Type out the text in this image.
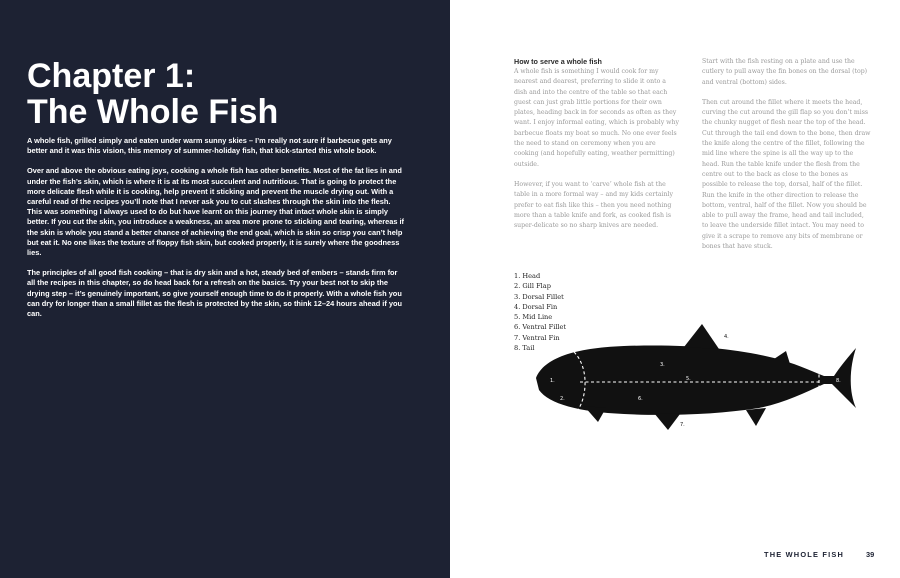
Chapter 1:
The Whole Fish

A whole fish, grilled simply and eaten under warm sunny skies – I’m really not sure if barbecue gets any better and it was this vision, this memory of summer-holiday fish, that kick-started this whole book.

Over and above the obvious eating joys, cooking a whole fish has other benefits. Most of the fat lies in and under the fish’s skin, which is where it is at its most succulent and nutritious. That is going to protect the more delicate flesh while it is cooking, help prevent it sticking and prevent the muscle drying out. With a careful read of the recipes you’ll note that I never ask you to cut slashes through the skin into the flesh. This was something I always used to do but have learnt on this journey that intact whole skin is simply better. If you cut the skin, you introduce a weakness, an area more prone to sticking and tearing, whereas if the skin is whole you stand a better chance of achieving the end goal, which is skin so crisp you can’t help but eat it. No one likes the texture of floppy fish skin, but cooked properly, it is surely where the goodness lies.

The principles of all good fish cooking – that is dry skin and a hot, steady bed of embers – stands firm for all the recipes in this chapter, so do head back for a refresh on the basics. Try your best not to skip the drying step – it’s genuinely important, so give yourself enough time to do it properly. With a whole fish you can dry for longer than a small fillet as the flesh is protected by the skin, so think 12–24 hours ahead if you can.

How to serve a whole fish

A whole fish is something I would cook for my nearest and dearest, preferring to slide it onto a dish and into the centre of the table so that each guest can just grab little portions for their own plates, heading back in for seconds as often as they want. I enjoy informal eating, which is probably why barbecue floats my boat so much. No one ever feels the need to stand on ceremony when you are cooking (and hopefully eating, weather permitting) outside.

However, if you want to ‘carve’ whole fish at the table in a more formal way – and my kids certainly prefer to eat fish like this – then you need nothing more than a table knife and fork, as cooked fish is super-delicate so no sharp knives are needed.

Start with the fish resting on a plate and use the cutlery to pull away the fin bones on the dorsal (top) and ventral (bottom) sides.

Then cut around the fillet where it meets the head, curving the cut around the gill flap so you don’t miss the chunky nugget of flesh near the top of the head. Cut through the tail end down to the bone, then draw the knife along the centre of the fillet, following the mid line where the spine is all the way up to the head. Run the table knife under the flesh from the centre out to the back as close to the bones as possible to release the top, dorsal, half of the fillet. Run the knife in the other direction to release the bottom, ventral, half of the fillet. Now you should be able to pull away the frame, head and tail included, to leave the underside fillet intact. You may need to give it a scrape to remove any bits of membrane or bones that have stuck.

1. Head
2. Gill Flap
3. Dorsal Fillet
4. Dorsal Fin
5. Mid Line
6. Ventral Fillet
7. Ventral Fin
8. Tail
1.
2.
3.
4.
5.
6.
7.
8.
THE WHOLE FISH	39
